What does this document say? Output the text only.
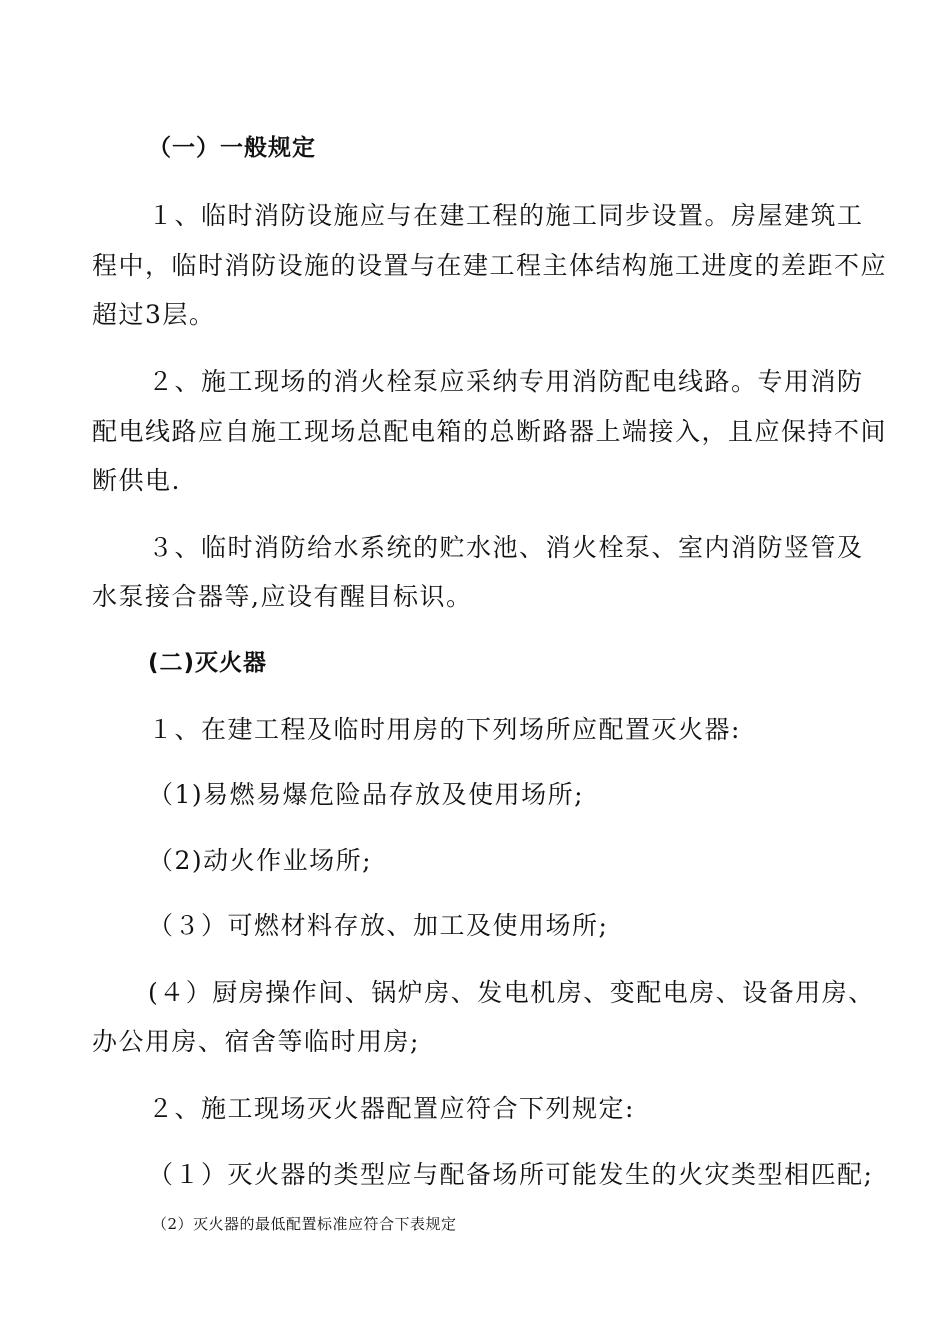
（一）一般规定
１、临时消防设施应与在建工程的施工同步设置。房屋建筑工
程中，临时消防设施的设置与在建工程主体结构施工进度的差距不应
超过3层。
２、施工现场的消火栓泵应采纳专用消防配电线路。专用消防
配电线路应自施工现场总配电箱的总断路器上端接入，且应保持不间
断供电.
３、临时消防给水系统的贮水池、消火栓泵、室内消防竖管及
水泵接合器等,应设有醒目标识。
(二)灭火器
１、在建工程及临时用房的下列场所应配置灭火器:
（1)易燃易爆危险品存放及使用场所;
（2)动火作业场所;
（３）可燃材料存放、加工及使用场所;
(４）厨房操作间、锅炉房、发电机房、变配电房、设备用房、
办公用房、宿舍等临时用房;
２、施工现场灭火器配置应符合下列规定:
（１）灭火器的类型应与配备场所可能发生的火灾类型相匹配;
（2）灭火器的最低配置标准应符合下表规定
